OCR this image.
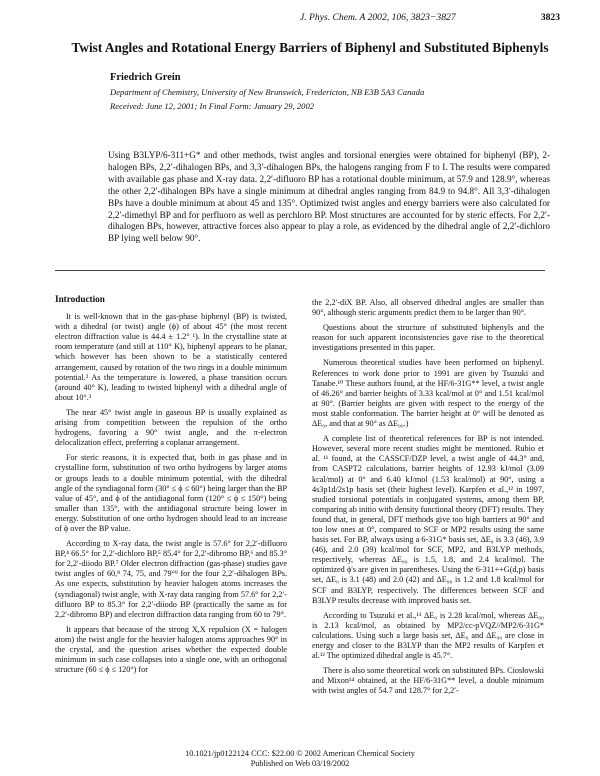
J. Phys. Chem. A 2002, 106, 3823−3827	3823
Twist Angles and Rotational Energy Barriers of Biphenyl and Substituted Biphenyls
Friedrich Grein
Department of Chemistry, University of New Brunswick, Fredericton, NB E3B 5A3 Canada
Received: June 12, 2001; In Final Form: January 29, 2002

Using B3LYP/6-311+G* and other methods, twist angles and torsional energies were obtained for biphenyl (BP), 2-halogen BPs, 2,2′-dihalogen BPs, and 3,3′-dihalogen BPs, the halogens ranging from F to I. The results were compared with available gas phase and X-ray data. 2,2′-difluoro BP has a rotational double minimum, at 57.9 and 128.9°, whereas the other 2,2′-dihalogen BPs have a single minimum at dihedral angles ranging from 84.9 to 94.8°. All 3,3′-dihalogen BPs have a double minimum at about 45 and 135°. Optimized twist angles and energy barriers were also calculated for 2,2′-dimethyl BP and for perfluoro as well as perchloro BP. Most structures are accounted for by steric effects. For 2,2′-dihalogen BPs, however, attractive forces also appear to play a role, as evidenced by the dihedral angle of 2,2′-dichloro BP lying well below 90°.

Introduction

It is well-known that in the gas-phase biphenyl (BP) is twisted, with a dihedral (or twist) angle (ϕ) of about 45° (the most recent electron diffraction value is 44.4 ± 1.2° ¹). In the crystalline state at room temperature (and still at 110° K), biphenyl appears to be planar, which however has been shown to be a statistically centered arrangement, caused by rotation of the two rings in a double minimum potential.² As the temperature is lowered, a phase transition occurs (around 40° K), leading to twisted biphenyl with a dihedral angle of about 10°.³

The near 45° twist angle in gaseous BP is usually explained as arising from competition between the repulsion of the ortho hydrogens, favoring a 90° twist angle, and the π-electron delocalization effect, preferring a coplanar arrangement.

For steric reasons, it is expected that, both in gas phase and in crystalline form, substitution of two ortho hydrogens by larger atoms or groups leads to a double minimum potential, with the dihedral angle of the syndiagonal form (30° ≤ ϕ ≤ 60°) being larger than the BP value of 45°, and ϕ of the antidiagonal form (120° ≤ ϕ ≤ 150°) being smaller than 135°, with the antidiagonal structure being lower in energy. Substitution of one ortho hydrogen should lead to an increase of ϕ over the BP value.

According to X-ray data, the twist angle is 57.6° for 2,2′-difluoro BP,⁴ 66.5° for 2,2′-dichloro BP,⁵ 85.4° for 2,2′-dibromo BP,⁶ and 85.3° for 2,2′-diiodo BP.⁷ Older electron diffraction (gas-phase) studies gave twist angles of 60,⁸ 74, 75, and 79°⁹ for the four 2,2′-dihalogen BPs. As one expects, substitution by heavier halogen atoms increases the (syndiagonal) twist angle, with X-ray data ranging from 57.6° for 2,2′-difluoro BP to 85.3° for 2,2′-diiodo BP (practically the same as for 2,2′-dibromo BP) and electron diffraction data ranging from 60 to 79°.

It appears that because of the strong X,X repulsion (X = halogen atom) the twist angle for the heavier halogen atoms approaches 90° in the crystal, and the question arises whether the expected double minimum in such case collapses into a single one, with an orthogonal structure (60 ≤ ϕ ≤ 120°) for

the 2,2′-diX BP. Also, all observed dihedral angles are smaller than 90°, although steric arguments predict them to be larger than 90°.

Questions about the structure of substituted biphenyls and the reason for such apparent inconsistencies gave rise to the theoretical investigations presented in this paper.

Numerous theoretical studies have been performed on biphenyl. References to work done prior to 1991 are given by Tsuzuki and Tanabe.¹⁰ These authors found, at the HF/6-31G** level, a twist angle of 46.26° and barrier heights of 3.33 kcal/mol at 0° and 1.51 kcal/mol at 90°. (Barrier heights are given with respect to the energy of the most stable conformation. The barrier height at 0° will be denoted as ΔE₀, and that at 90° as ΔE₉₀.)

A complete list of theoretical references for BP is not intended. However, several more recent studies might be mentioned. Rubio et al. ¹¹ found, at the CASSCF/DZP level, a twist angle of 44.3° and, from CASPT2 calculations, barrier heights of 12.93 kJ/mol (3.09 kcal/mol) at 0° and 6.40 kJ/mol (1.53 kcal/mol) at 90°, using a 4s3p1d/2s1p basis set (their highest level). Karpfen et al.,¹² in 1997, studied torsional potentials in conjugated systems, among them BP, comparing ab initio with density functional theory (DFT) results. They found that, in general, DFT methods give too high barriers at 90° and too low ones at 0°, compared to SCF or MP2 results using the same basis set. For BP, always using a 6-31G* basis set, ΔE₀ is 3.3 (46), 3.9 (46), and 2.0 (39) kcal/mol for SCF, MP2, and B3LYP methods, respectively, whereas ΔE₉₀ is 1.5, 1.8, and 2.4 kcal/mol. The optimized ϕ's are given in parentheses. Using the 6-311++G(d,p) basis set, ΔE₀ is 3.1 (48) and 2.0 (42) and ΔE₉₀ is 1.2 and 1.8 kcal/mol for SCF and B3LYP, respectively. The differences between SCF and B3LYP results decrease with improved basis set.

According to Tsuzuki et al.,¹³ ΔE₀ is 2.28 kcal/mol, whereas ΔE₉₀ is 2.13 kcal/mol, as obtained by MP2/cc-pVQZ//MP2/6-31G* calculations. Using such a large basis set, ΔE₀ and ΔE₉₀ are close in energy and closer to the B3LYP than the MP2 results of Karpfen et al.¹² The optimized dihedral angle is 45.7°.

There is also some theoretical work on substituted BPs. Ciosłowski and Mixon¹⁴ obtained, at the HF/6-31G** level, a double minimum with twist angles of 54.7 and 128.7° for 2,2′-

10.1021/jp0122124 CCC: $22.00 © 2002 American Chemical Society
Published on Web 03/19/2002
